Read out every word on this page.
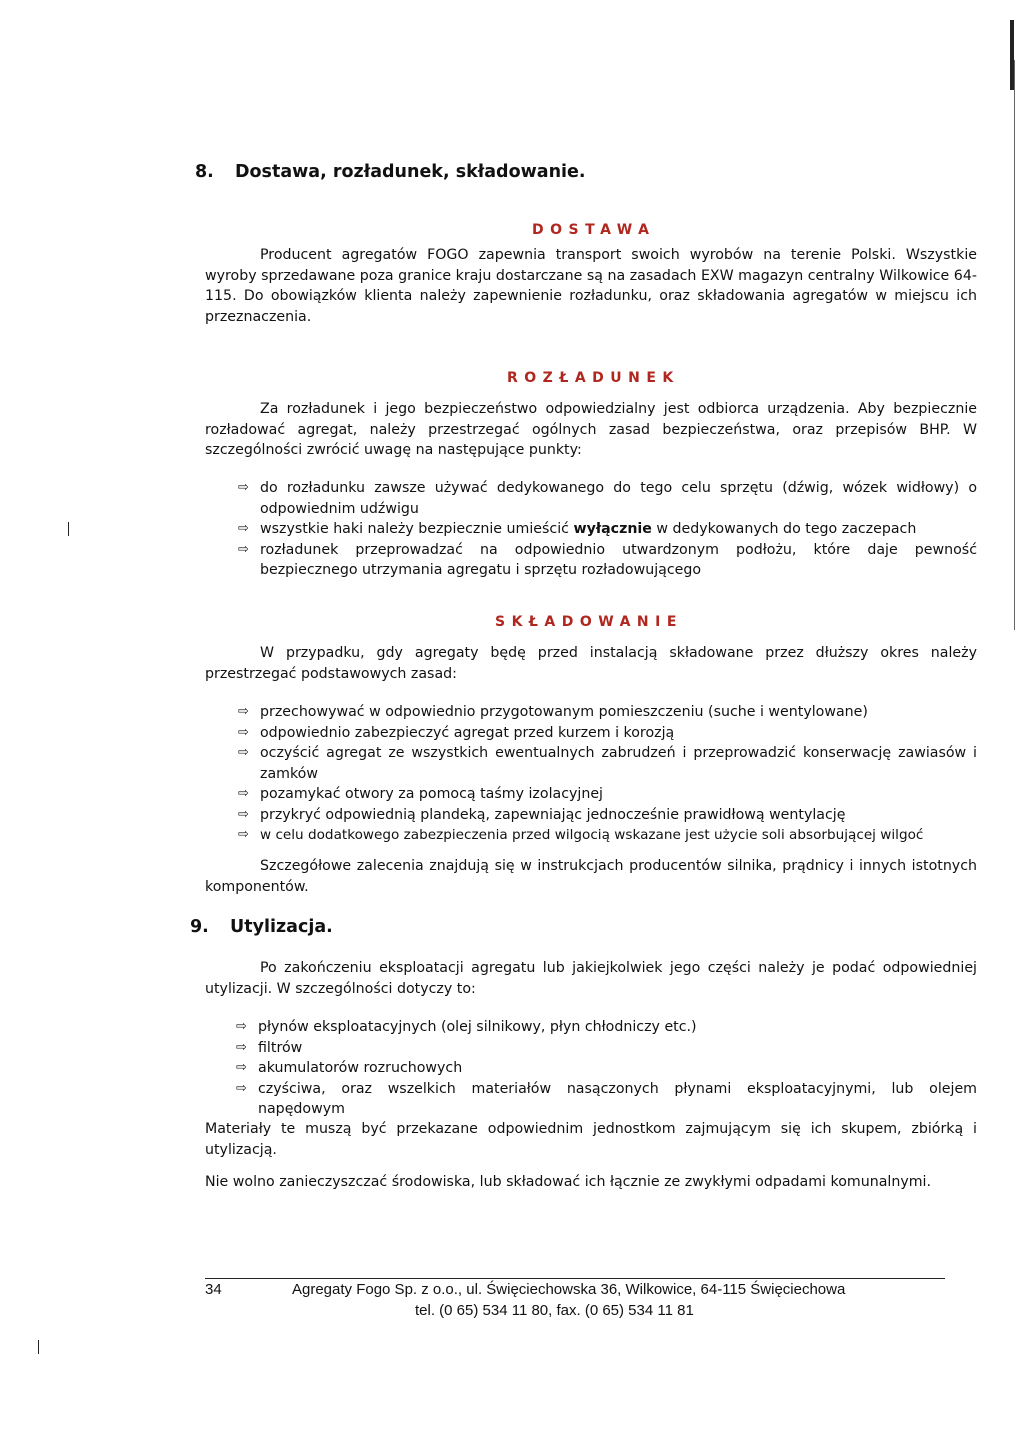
8. Dostawa, rozładunek, składowanie.
DOSTAWA
Producent agregatów FOGO zapewnia transport swoich wyrobów na terenie Polski. Wszystkie wyroby sprzedawane poza granice kraju dostarczane są na zasadach EXW magazyn centralny Wilkowice 64-115. Do obowiązków klienta należy zapewnienie rozładunku, oraz składowania agregatów w miejscu ich przeznaczenia.
ROZŁADUNEK
Za rozładunek i jego bezpieczeństwo odpowiedzialny jest odbiorca urządzenia. Aby bezpiecznie rozładować agregat, należy przestrzegać ogólnych zasad bezpieczeństwa, oraz przepisów BHP. W szczególności zwrócić uwagę na następujące punkty:
⇨ do rozładunku zawsze używać dedykowanego do tego celu sprzętu (dźwig, wózek widłowy) o odpowiednim udźwigu
⇨ wszystkie haki należy bezpiecznie umieścić wyłącznie w dedykowanych do tego zaczepach
⇨ rozładunek przeprowadzać na odpowiednio utwardzonym podłożu, które daje pewność bezpiecznego utrzymania agregatu i sprzętu rozładowującego
SKŁADOWANIE
W przypadku, gdy agregaty będę przed instalacją składowane przez dłuższy okres należy przestrzegać podstawowych zasad:
⇨ przechowywać w odpowiednio przygotowanym pomieszczeniu (suche i wentylowane)
⇨ odpowiednio zabezpieczyć agregat przed kurzem i korozją
⇨ oczyścić agregat ze wszystkich ewentualnych zabrudzeń i przeprowadzić konserwację zawiasów i zamków
⇨ pozamykać otwory za pomocą taśmy izolacyjnej
⇨ przykryć odpowiednią plandeką, zapewniając jednocześnie prawidłową wentylację
⇨ w celu dodatkowego zabezpieczenia przed wilgocią wskazane jest użycie soli absorbującej wilgoć
Szczegółowe zalecenia znajdują się w instrukcjach producentów silnika, prądnicy i innych istotnych komponentów.
9. Utylizacja.
Po zakończeniu eksploatacji agregatu lub jakiejkolwiek jego części należy je podać odpowiedniej utylizacji. W szczególności dotyczy to:
⇨ płynów eksploatacyjnych (olej silnikowy, płyn chłodniczy etc.)
⇨ filtrów
⇨ akumulatorów rozruchowych
⇨ czyściwa, oraz wszelkich materiałów nasączonych płynami eksploatacyjnymi, lub olejem napędowym
Materiały te muszą być przekazane odpowiednim jednostkom zajmującym się ich skupem, zbiórką i utylizacją.
Nie wolno zanieczyszczać środowiska, lub składować ich łącznie ze zwykłymi odpadami komunalnymi.
34	Agregaty Fogo Sp. z o.o., ul. Święciechowska 36, Wilkowice, 64-115 Święciechowa
tel. (0 65) 534 11 80, fax. (0 65) 534 11 81
